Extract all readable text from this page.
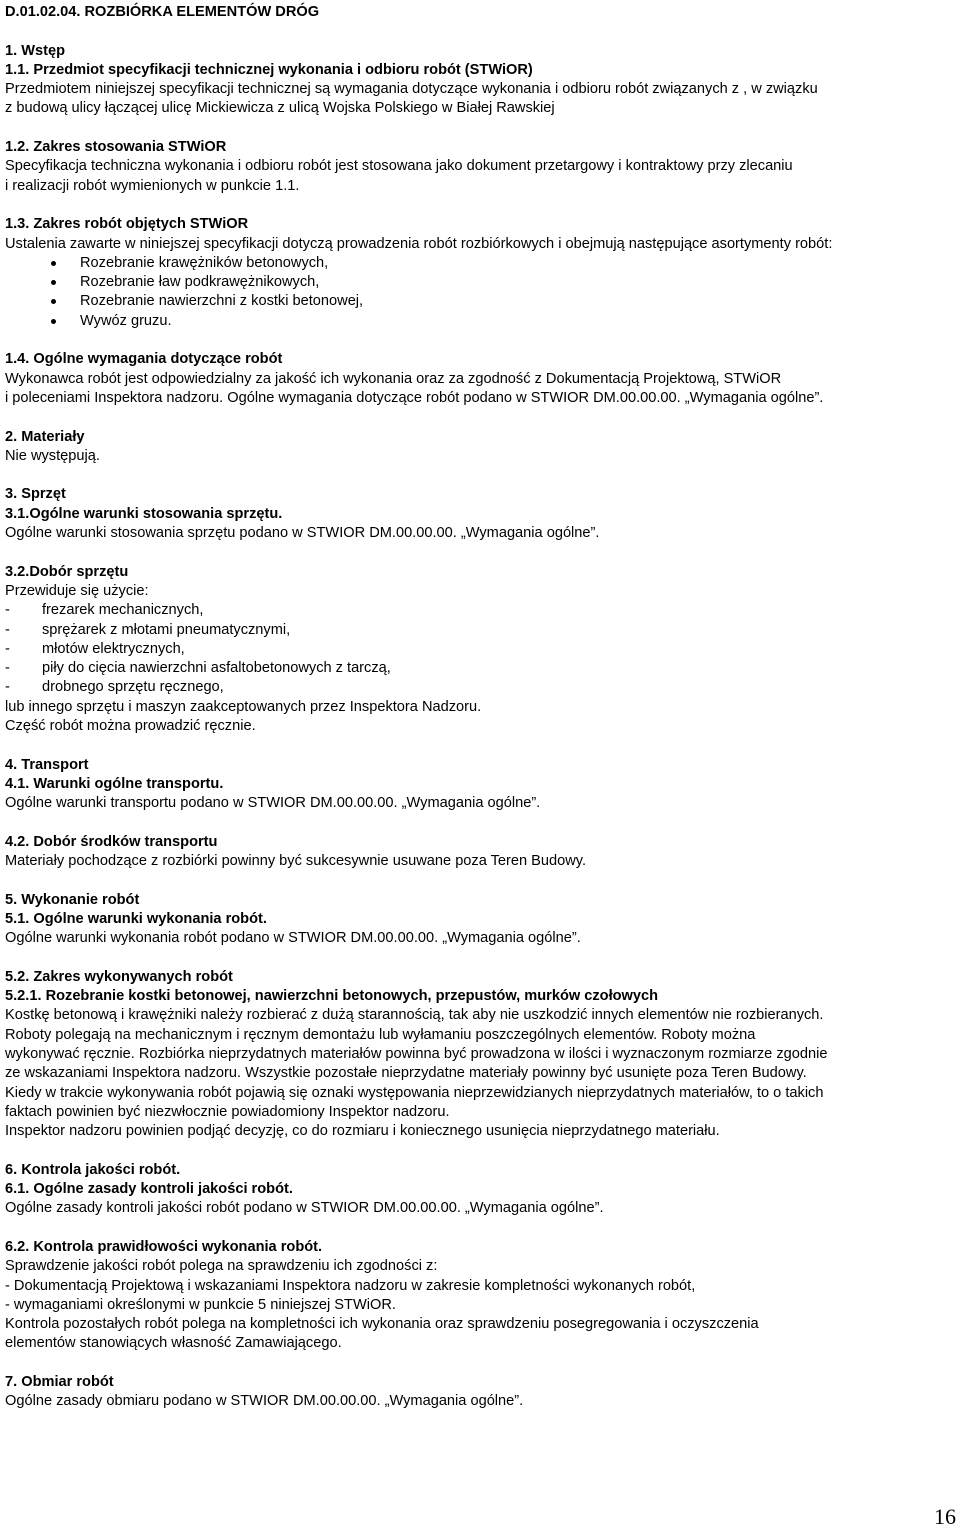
D.01.02.04. ROZBIÓRKA ELEMENTÓW DRÓG
1. Wstęp
1.1. Przedmiot specyfikacji technicznej wykonania i odbioru robót (STWiOR)
Przedmiotem niniejszej specyfikacji technicznej są wymagania dotyczące wykonania i odbioru robót związanych z , w związku
z budową ulicy łączącej ulicę Mickiewicza z ulicą Wojska Polskiego w Białej Rawskiej
1.2. Zakres stosowania STWiOR
Specyfikacja techniczna wykonania i odbioru robót jest stosowana jako dokument przetargowy i kontraktowy przy zlecaniu
i realizacji robót wymienionych w punkcie 1.1.
1.3. Zakres robót objętych STWiOR
Ustalenia zawarte w niniejszej specyfikacji dotyczą prowadzenia robót rozbiórkowych i obejmują następujące asortymenty robót:
Rozebranie krawężników betonowych,
Rozebranie ław podkrawężnikowych,
Rozebranie nawierzchni z kostki betonowej,
Wywóz gruzu.
1.4. Ogólne wymagania dotyczące robót
Wykonawca robót jest odpowiedzialny za jakość ich wykonania oraz za zgodność z Dokumentacją Projektową, STWiOR
i poleceniami Inspektora nadzoru. Ogólne wymagania dotyczące robót podano w STWIOR DM.00.00.00. „Wymagania ogólne”.
2. Materiały
Nie występują.
3. Sprzęt
3.1.Ogólne warunki stosowania sprzętu.
Ogólne warunki stosowania sprzętu podano w STWIOR DM.00.00.00. „Wymagania ogólne”.
3.2.Dobór sprzętu
Przewiduje się użycie:
- frezarek mechanicznych,
- sprężarek z młotami pneumatycznymi,
- młotów elektrycznych,
- piły do cięcia nawierzchni asfaltobetonowych z tarczą,
- drobnego sprzętu ręcznego,
lub innego sprzętu i maszyn zaakceptowanych przez Inspektora Nadzoru.
Część robót można prowadzić ręcznie.
4. Transport
4.1. Warunki ogólne transportu.
Ogólne warunki transportu podano w STWIOR DM.00.00.00. „Wymagania ogólne”.
4.2. Dobór środków transportu
Materiały pochodzące z rozbiórki powinny być sukcesywnie usuwane poza Teren Budowy.
5. Wykonanie robót
5.1. Ogólne warunki wykonania robót.
Ogólne warunki wykonania robót podano w STWIOR DM.00.00.00. „Wymagania ogólne”.
5.2. Zakres wykonywanych robót
5.2.1. Rozebranie kostki betonowej, nawierzchni betonowych, przepustów, murków czołowych
Kostkę betonową i krawężniki należy rozbierać z dużą starannością, tak aby nie uszkodzić innych elementów nie rozbieranych.
Roboty polegają na mechanicznym i ręcznym demontażu lub wyłamaniu poszczególnych elementów. Roboty można
wykonywać ręcznie. Rozbiórka nieprzydatnych materiałów powinna być prowadzona w ilości i wyznaczonym rozmiarze zgodnie
ze wskazaniami Inspektora nadzoru. Wszystkie pozostałe nieprzydatne materiały powinny być usunięte poza Teren Budowy.
Kiedy w trakcie wykonywania robót pojawią się oznaki występowania nieprzewidzianych nieprzydatnych materiałów, to o takich
faktach powinien być niezwłocznie powiadomiony Inspektor nadzoru.
Inspektor nadzoru powinien podjąć decyzję, co do rozmiaru i koniecznego usunięcia nieprzydatnego materiału.
6. Kontrola jakości robót.
6.1. Ogólne zasady kontroli jakości robót.
Ogólne zasady kontroli jakości robót podano w STWIOR DM.00.00.00. „Wymagania ogólne”.
6.2. Kontrola prawidłowości wykonania robót.
Sprawdzenie jakości robót polega na sprawdzeniu ich zgodności z:
- Dokumentacją Projektową i wskazaniami Inspektora nadzoru w zakresie kompletności wykonanych robót,
- wymaganiami określonymi w punkcie 5 niniejszej STWiOR.
Kontrola pozostałych robót polega na kompletności ich wykonania oraz sprawdzeniu posegregowania i oczyszczenia
elementów stanowiących własność Zamawiającego.
7. Obmiar robót
Ogólne zasady obmiaru podano w STWIOR DM.00.00.00. „Wymagania ogólne”.
16
